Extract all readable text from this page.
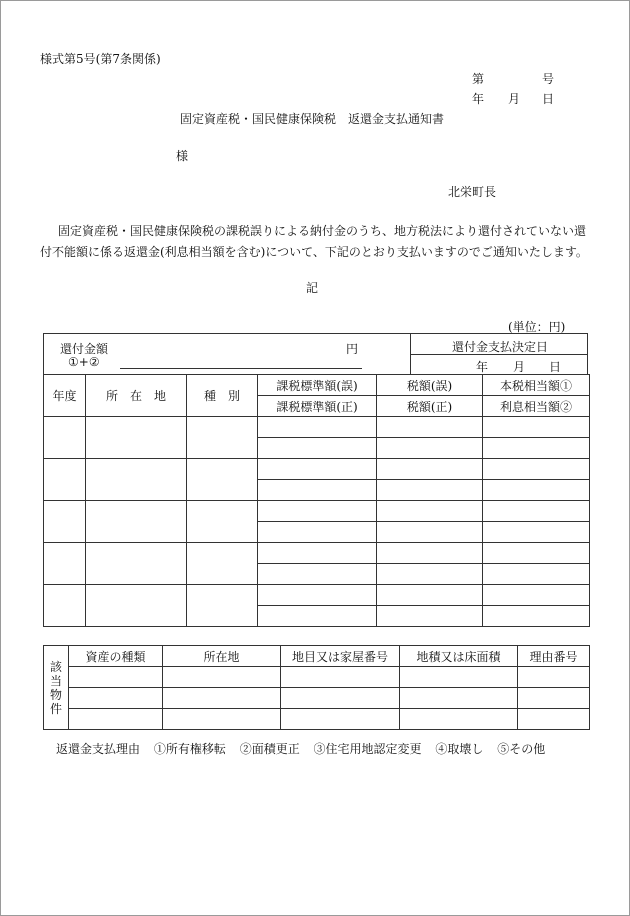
様式第5号(第7条関係)
第	号
年 月 日
固定資産税・国民健康保険税　返還金支払通知書
様
北栄町長
固定資産税・国民健康保険税の課税誤りによる納付金のうち、地方税法により還付されていない還付不能額に係る返還金(利息相当額を含む)について、下記のとおり支払いますのでご通知いたします。
記
(単位：円)
還付金額
①+②
円	還付金支払決定日
年 月 日
年度	所　在　地	種　別	課税標準額(誤)	税額(誤)	本税相当額①
			課税標準額(正)	税額(正)	利息相当額②

該当物件	資産の種類	所在地	地目又は家屋番号	地積又は床面積	理由番号

返還金支払理由 ①所有権移転 ②面積更正 ③住宅用地認定変更 ④取壊し ⑤その他
